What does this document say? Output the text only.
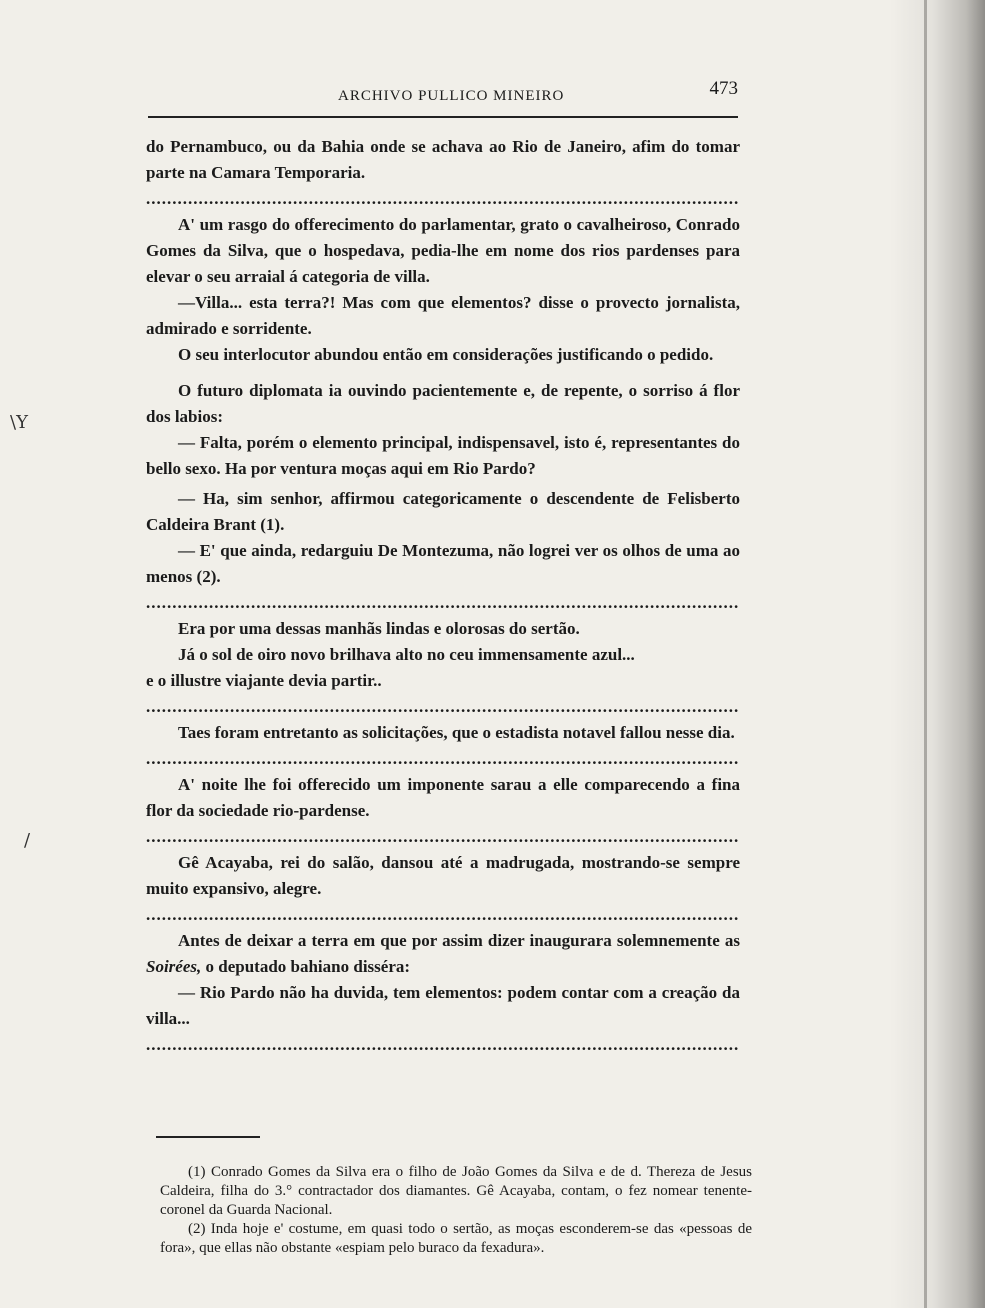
\Y
/
ARCHIVO PULLICO MINEIRO	473

do Pernambuco, ou da Bahia onde se achava ao Rio de Janeiro, afim do tomar parte na Camara Temporaria.

.....

A' um rasgo do offerecimento do parlamentar, grato o cavalheiroso, Conrado Gomes da Silva, que o hospedava, pedia-lhe em nome dos rios pardenses para elevar o seu arraial á categoria de villa.

—Villa... esta terra?! Mas com que elementos? disse o provecto jornalista, admirado e sorridente.

O seu interlocutor abundou então em considerações justificando o pedido.

O futuro diplomata ia ouvindo pacientemente e, de repente, o sorriso á flor dos labios:

— Falta, porém o elemento principal, indispensavel, isto é, representantes do bello sexo. Ha por ventura moças aqui em Rio Pardo?

— Ha, sim senhor, affirmou categoricamente o descendente de Felisberto Caldeira Brant (1).

— E' que ainda, redarguiu De Montezuma, não logrei ver os olhos de uma ao menos (2).

.....

Era por uma dessas manhãs lindas e olorosas do sertão.

Já o sol de oiro novo brilhava alto no ceu immensamente azul...

e o illustre viajante devia partir..

.....

Taes foram entretanto as solicitações, que o estadista notavel fallou nesse dia.

.....

A' noite lhe foi offerecido um imponente sarau a elle comparecendo a fina flor da sociedade rio-pardense.

.....

Gê Acayaba, rei do salão, dansou até a madrugada, mostrando-se sempre muito expansivo, alegre.

.....

Antes de deixar a terra em que por assim dizer inaugurara solemnemente as Soirées, o deputado bahiano disséra:

— Rio Pardo não ha duvida, tem elementos: podem contar com a creação da villa...

.....

(1) Conrado Gomes da Silva era o filho de João Gomes da Silva e de d. Thereza de Jesus Caldeira, filha do 3.° contractador dos diamantes. Gê Acayaba, contam, o fez nomear tenente-coronel da Guarda Nacional.

(2) Inda hoje e' costume, em quasi todo o sertão, as moças esconderem-se das «pessoas de fora», que ellas não obstante «espiam pelo buraco da fexadura».
